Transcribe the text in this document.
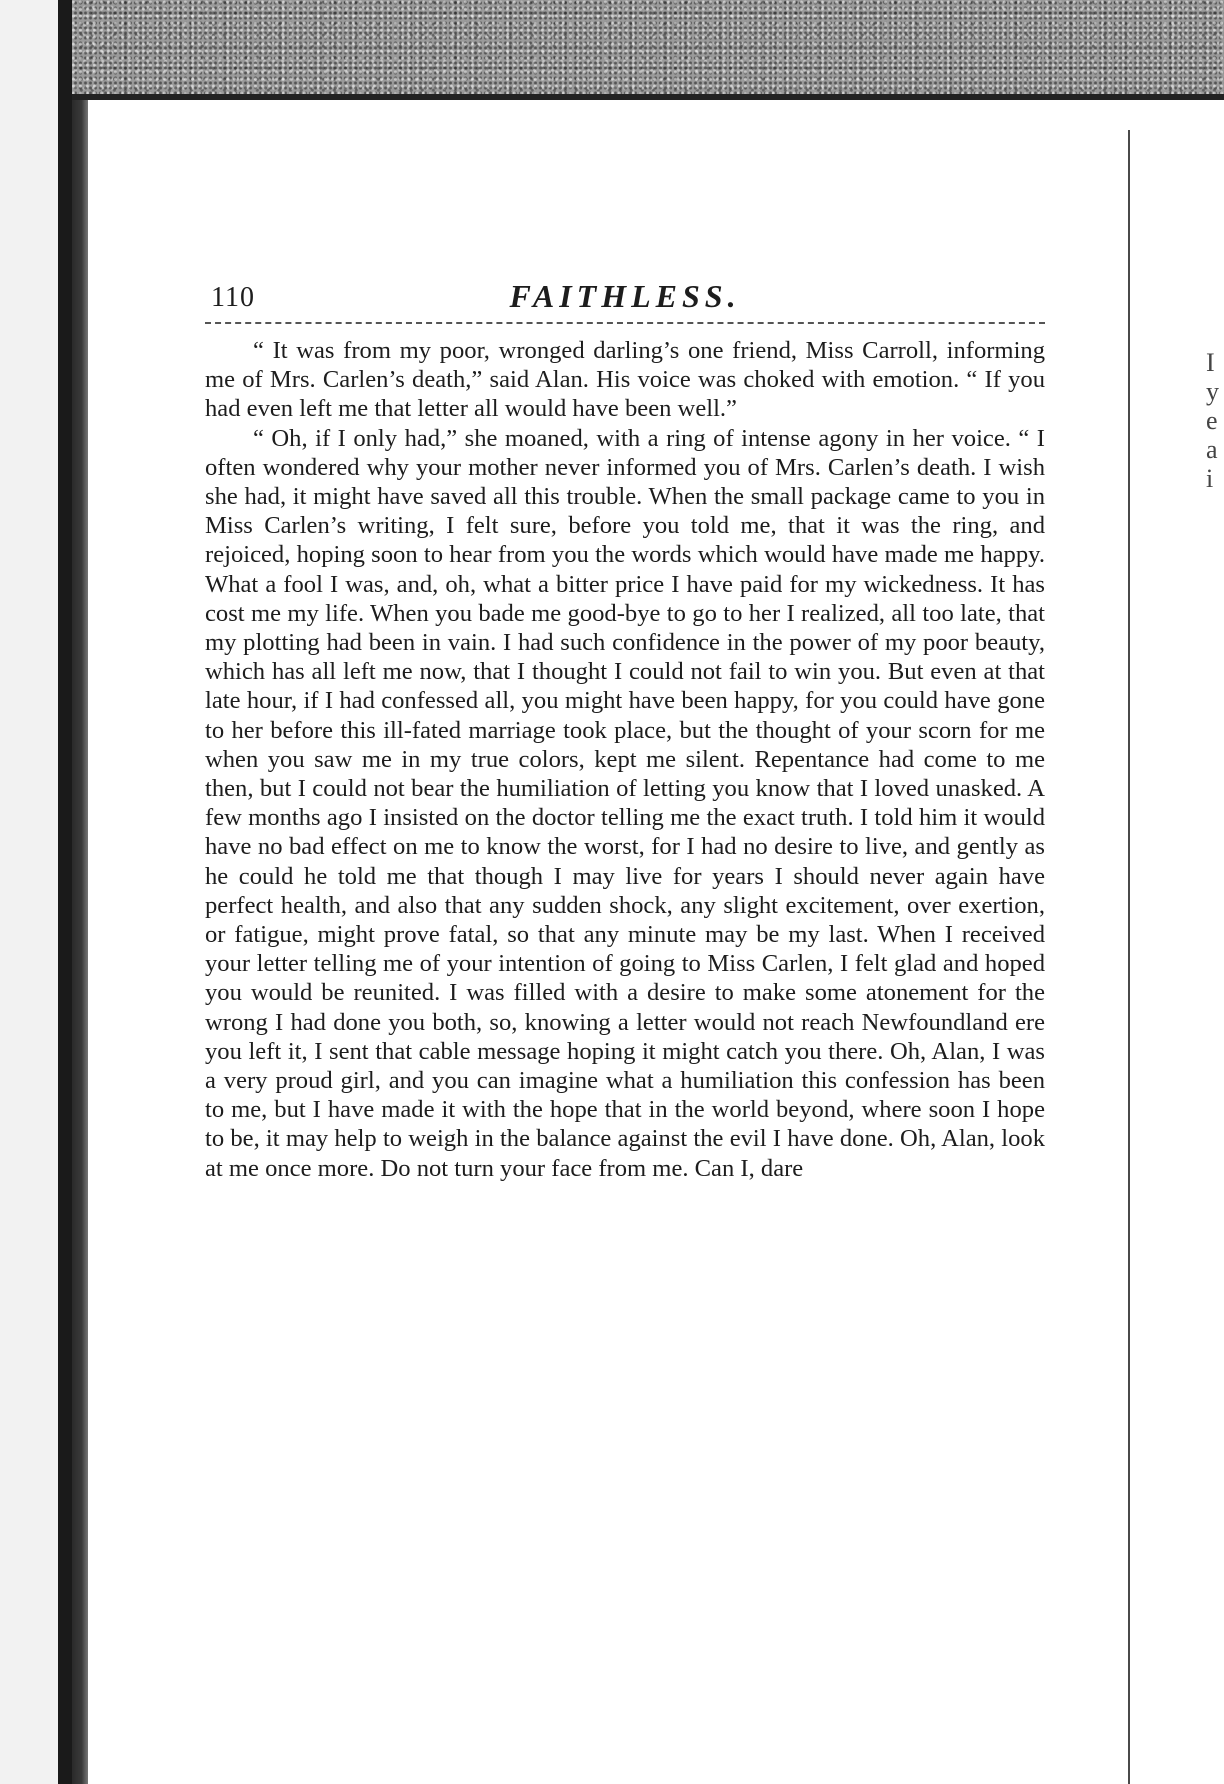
I
y
e
a
i
110	FAITHLESS.

“ It was from my poor, wronged darling’s one friend, Miss Carroll, informing me of Mrs. Carlen’s death,” said Alan. His voice was choked with emotion. “ If you had even left me that letter all would have been well.”

“ Oh, if I only had,” she moaned, with a ring of intense agony in her voice. “ I often wondered why your mother never informed you of Mrs. Carlen’s death. I wish she had, it might have saved all this trouble. When the small package came to you in Miss Carlen’s writing, I felt sure, before you told me, that it was the ring, and rejoiced, hoping soon to hear from you the words which would have made me happy. What a fool I was, and, oh, what a bitter price I have paid for my wickedness. It has cost me my life. When you bade me good-bye to go to her I realized, all too late, that my plotting had been in vain. I had such confidence in the power of my poor beauty, which has all left me now, that I thought I could not fail to win you. But even at that late hour, if I had confessed all, you might have been happy, for you could have gone to her before this ill-fated marriage took place, but the thought of your scorn for me when you saw me in my true colors, kept me silent. Repentance had come to me then, but I could not bear the humiliation of letting you know that I loved unasked. A few months ago I insisted on the doctor telling me the exact truth. I told him it would have no bad effect on me to know the worst, for I had no desire to live, and gently as he could he told me that though I may live for years I should never again have perfect health, and also that any sudden shock, any slight excitement, over exertion, or fatigue, might prove fatal, so that any minute may be my last. When I received your letter telling me of your intention of going to Miss Carlen, I felt glad and hoped you would be reunited. I was filled with a desire to make some atonement for the wrong I had done you both, so, knowing a letter would not reach Newfoundland ere you left it, I sent that cable message hoping it might catch you there. Oh, Alan, I was a very proud girl, and you can imagine what a humiliation this confession has been to me, but I have made it with the hope that in the world beyond, where soon I hope to be, it may help to weigh in the balance against the evil I have done. Oh, Alan, look at me once more. Do not turn your face from me. Can I, dare
